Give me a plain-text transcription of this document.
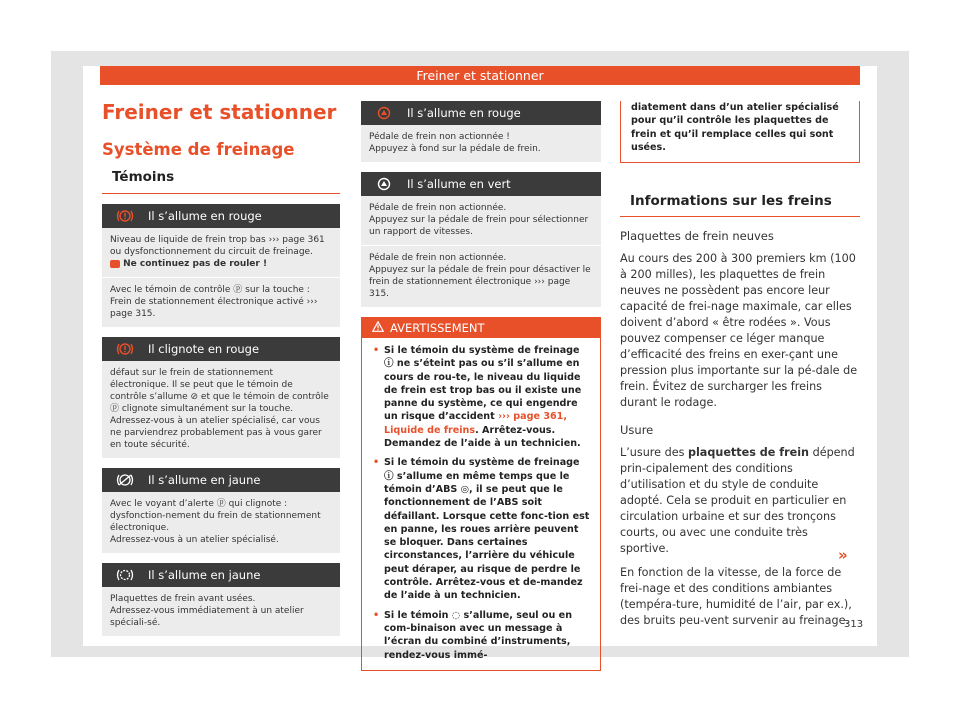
Freiner et stationner
Freiner et stationner
Système de freinage
Témoins
Il s’allume en rouge
Niveau de liquide de frein trop bas ››› page 361 ou dysfonctionnement du circuit de freinage.
Ne continuez pas de rouler !
Avec le témoin de contrôle ⓟ sur la touche : Frein de stationnement électronique activé ››› page 315.
Il clignote en rouge
défaut sur le frein de stationnement électronique. Il se peut que le témoin de contrôle s’allume ⊘ et que le témoin de contrôle ⓟ clignote simultanément sur la touche.
Adressez-vous à un atelier spécialisé, car vous ne parviendrez probablement pas à vous garer en toute sécurité.
Il s’allume en jaune
Avec le voyant d’alerte ⓟ qui clignote : dysfonction-nement du frein de stationnement électronique.
Adressez-vous à un atelier spécialisé.
Il s’allume en jaune
Plaquettes de frein avant usées.
Adressez-vous immédiatement à un atelier spéciali-sé.
Il s’allume en rouge
Pédale de frein non actionnée !
Appuyez à fond sur la pédale de frein.
Il s’allume en vert
Pédale de frein non actionnée.
Appuyez sur la pédale de frein pour sélectionner un rapport de vitesses.
Pédale de frein non actionnée.
Appuyez sur la pédale de frein pour désactiver le frein de stationnement électronique ››› page 315.
AVERTISSEMENT
• Si le témoin du système de freinage ⓘ ne s’éteint pas ou s’il s’allume en cours de rou-te, le niveau du liquide de frein est trop bas ou il existe une panne du système, ce qui engendre un risque d’accident ››› page 361, Liquide de freins. Arrêtez-vous. Demandez de l’aide à un technicien.
• Si le témoin du système de freinage ⓘ s’allume en même temps que le témoin d’ABS ◎, il se peut que le fonctionnement de l’ABS soit défaillant. Lorsque cette fonc-tion est en panne, les roues arrière peuvent se bloquer. Dans certaines circonstances, l’arrière du véhicule peut déraper, au risque de perdre le contrôle. Arrêtez-vous et de-mandez de l’aide à un technicien.
• Si le témoin ◌ s’allume, seul ou en com-binaison avec un message à l’écran du combiné d’instruments, rendez-vous immé-
diatement dans d’un atelier spécialisé pour qu’il contrôle les plaquettes de frein et qu’il remplace celles qui sont usées.
Informations sur les freins
Plaquettes de frein neuves
Au cours des 200 à 300 premiers km (100 à 200 milles), les plaquettes de frein neuves ne possèdent pas encore leur capacité de frei-nage maximale, car elles doivent d’abord « être rodées ». Vous pouvez compenser ce léger manque d’efficacité des freins en exer-çant une pression plus importante sur la pé-dale de frein. Évitez de surcharger les freins durant le rodage.
Usure
L’usure des plaquettes de frein dépend prin-cipalement des conditions d’utilisation et du style de conduite adopté. Cela se produit en particulier en circulation urbaine et sur des tronçons courts, ou avec une conduite très sportive.
En fonction de la vitesse, de la force de frei-nage et des conditions ambiantes (tempéra-ture, humidité de l’air, par ex.), des bruits peu-vent survenir au freinage.
»
313
